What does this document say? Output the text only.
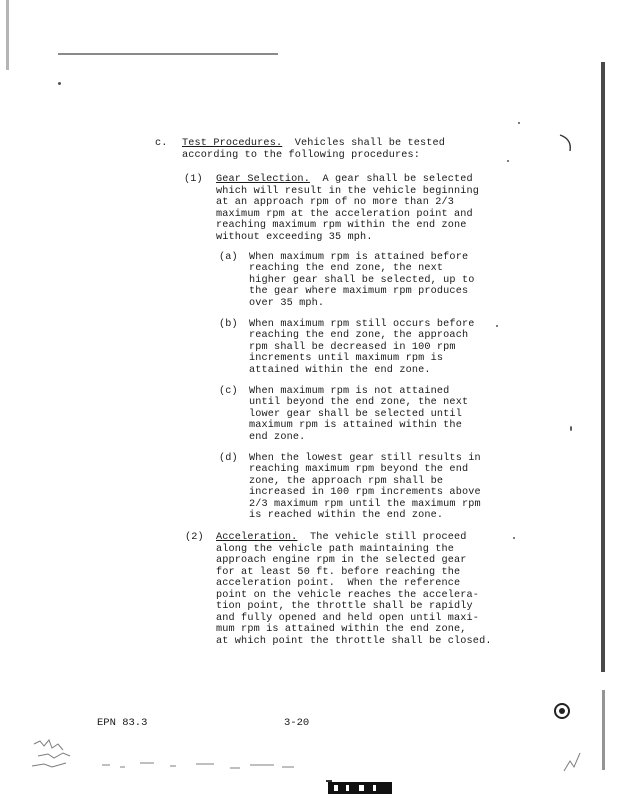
c. Test Procedures.  Vehicles shall be tested
according to the following procedures:
(1) Gear Selection.  A gear shall be selected
which will result in the vehicle beginning
at an approach rpm of no more than 2/3
maximum rpm at the acceleration point and
reaching maximum rpm within the end zone
without exceeding 35 mph.
(a) When maximum rpm is attained before
reaching the end zone, the next
higher gear shall be selected, up to
the gear where maximum rpm produces
over 35 mph.
(b) When maximum rpm still occurs before
reaching the end zone, the approach
rpm shall be decreased in 100 rpm
increments until maximum rpm is
attained within the end zone.
(c) When maximum rpm is not attained
until beyond the end zone, the next
lower gear shall be selected until
maximum rpm is attained within the
end zone.
(d) When the lowest gear still results in
reaching maximum rpm beyond the end
zone, the approach rpm shall be
increased in 100 rpm increments above
2/3 maximum rpm until the maximum rpm
is reached within the end zone.
(2) Acceleration.  The vehicle still proceed
along the vehicle path maintaining the
approach engine rpm in the selected gear
for at least 50 ft. before reaching the
acceleration point.  When the reference
point on the vehicle reaches the accelera-
tion point, the throttle shall be rapidly
and fully opened and held open until maxi-
mum rpm is attained within the end zone,
at which point the throttle shall be closed.
EPN 83.3	3-20
